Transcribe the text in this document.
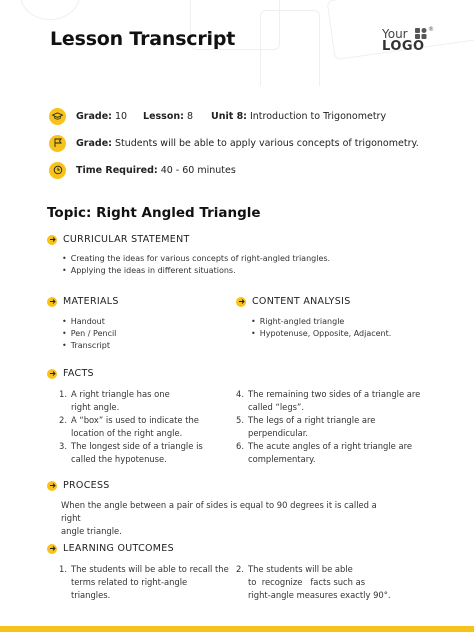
Lesson Transcript	Your
LOGO
®
Grade: 10 Lesson: 8 Unit 8: Introduction to Trigonometry
Grade: Students will be able to apply various concepts of trigonometry.
Time Required: 40 - 60 minutes
Topic: Right Angled Triangle
CURRICULAR STATEMENT
• Creating the ideas for various concepts of right-angled triangles.
• Applying the ideas in different situations.
MATERIALS
• Handout
• Pen / Pencil
• Transcript
CONTENT ANALYSIS
• Right-angled triangle
• Hypotenuse, Opposite, Adjacent.
FACTS
1. A right triangle has one
right angle.
2. A “box” is used to indicate the
location of the right angle.
3. The longest side of a triangle is
called the hypotenuse.
4. The remaining two sides of a triangle are
called “legs”.
5. The legs of a right triangle are
perpendicular.
6. The acute angles of a right triangle are
complementary.
PROCESS
When the angle between a pair of sides is equal to 90 degrees it is called a right
angle triangle.
LEARNING OUTCOMES
1. The students will be able to recall the
terms related to right-angle
triangles.
2. The students will be able
to  recognize   facts such as
right-angle measures exactly 90°.
